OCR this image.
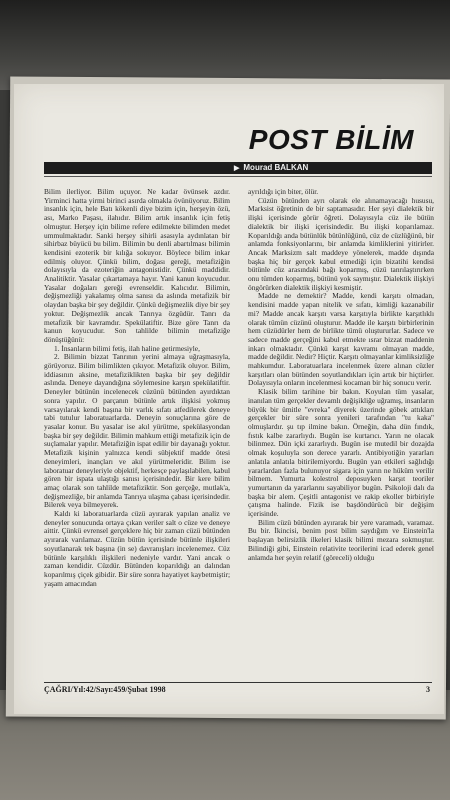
POST BİLİM
▶ Mourad BALKAN

Bilim ilerliyor. Bilim uçuyor. Ne kadar övünsek azdır. Yirminci hatta yirmi birinci asırda olmakla övünüyoruz. Bilim insanlık için, hele Batı kökenli diye bizim için, herşeyin özü, ası, Marko Paşası, ilahıdır. Bilim artık insanlık için fetiş olmuştur. Herşey için bilime refere edilmekte bilimden medet ummulmaktadır. Sanki herşey sihirli asasıyla aydınlatan bir sihirbaz büyücü bu bilim. Bilimin bu denli abartılması bilimin kendisini ezoterik bir kılığa sokuyor. Böylece bilim inkar edilmiş oluyor. Çünkü bilim, doğası gereği, metafiziğin dolayısıyla da ezoteriğin antagonistidir. Çünkü maddidir. Analitiktir. Yasalar çıkartamaya hayır. Yani kanun koyucudur. Yasalar doğaları gereği evrenseldir. Kalıcıdır. Bilimin, değişmezliği yakalamış olma sanısı da aslında metafizik bir olaydan başka bir şey değildir. Çünkü değişmezlik diye bir şey yoktur. Değişmezlik ancak Tanrıya özgüdür. Tanrı da metafizik bir kavramdır. Spekülatiftir. Bize göre Tanrı da kanun koyucudur. Son tahlilde bilimin metafiziğe dönüştüğünü:

1. İnsanların bilimi fetiş, ilah haline getirmesiyle,

2. Bilimin bizzat Tanrının yerini almaya uğraşmasıyla, görüyoruz. Bilim bilimlikten çıkıyor. Metafizik oluyor. Bilim, iddiasının aksine, metafiziklikten başka bir şey değildir aslında. Deneye dayandığına söylemesine karşın spekülatiftir. Deneyler bütünün incelenecek cüzünü bütünden ayırdıktan sonra yapılır. O parçanın bütünle artık ilişkisi yokmuş varsayılarak kendi başına bir varlık sıfatı atfedilerek deneye tabi tutulur laboratuarlarda. Deneyin sonuçlarına göre de yasalar konur. Bu yasalar ise akıl yürütme, spekülasyondan başka bir şey değildir. Bilimin mahkum ettiği metafizik için de suçlamalar yapılır. Metafiziğin ispat edilir bir dayanağı yoktur. Metafizik kişinin yalnızca kendi sübjektif madde ötesi deneyimleri, inançları ve akıl yürütmeleridir. Bilim ise laboratuar deneyleriyle objektif, herkesçe paylaşılabilen, kabul gören bir ispata ulaştığı sanısı içerisindedir. Bir kere bilim amaç olarak son tahlilde metafiziktir. Son gerçeğe, mutlak'a, değişmezliğe, bir anlamda Tanrıya ulaşma çabası içerisindedir. Bilerek veya bilmeyerek.

Kaldı ki laboratuarlarda cüzü ayırarak yapılan analiz ve deneyler sonucunda ortaya çıkan veriler salt o cüze ve deneye aittir. Çünkü evrensel gerçeklere hiç bir zaman cüzü bütünden ayırarak varılamaz. Cüzün bütün içerisinde bütünle ilişkileri soyutlanarak tek başına (in se) davranışları incelenemez. Cüz bütünle karşılıklı ilişkileri nedeniyle vardır. Yani ancak o zaman kendidir. Cüzdür. Bütünden koparıldığı an dalından koparılmış çiçek gibidir. Bir süre sonra hayatiyet kaybetmiştir; yaşam amacından

ayrıldığı için biter, ölür.

Cüzün bütünden ayrı olarak ele alınamayacağı hususu, Marksist öğretinin de bir saptamasıdır. Her şeyi dialektik bir ilişki içerisinde görür öğreti. Dolayısıyla cüz ile bütün dialektik bir ilişki içerisindedir. Bu ilişki koparılamaz. Koparıldığı anda bütünlük bütünlüğünü, cüz de cüzlüğünü, bir anlamda fonksiyonlarını, bir anlamda kimliklerini yitirirler. Ancak Marksizm salt maddeye yönelerek, madde dışında başka hiç bir gerçek kabul etmediği için bizatihi kendisi bütünle cüz arasındaki bağı koparmış, cüzü tanrılaştırırken onu tümden koparmış, bütünü yok saymıştır. Dialektik ilişkiyi öngörürken dialektik ilişkiyi kesmiştir.

Madde ne demektir? Madde, kendi karşıtı olmadan, kendisini madde yapan nitelik ve sıfatı, kimliği kazanabilir mi? Madde ancak karşıtı varsa karşıtıyla birlikte karşıtlıklı olarak tümün cüzünü oluşturur. Madde ile karşıtı birbirlerinin hem cüzüdürler hem de birlikte tümü oluştururlar. Sadece ve sadece madde gerçeğini kabul etmekte ısrar bizzat maddenin inkarı olmaktadır. Çünkü karşıt kavramı olmayan madde, madde değildir. Nedir? Hiçtir. Karşıtı olmayanlar kimliksizliğe mahkumdur. Laboratuarlara incelenmek üzere alınan cüzler karşıtları olan bütünden soyutlandıkları için artık bir hiçtirler. Dolayısıyla onların incelenmesi kocaman bir hiç sonucu verir.

Klasik bilim tarihine bir bakın. Koyulan tüm yasalar, inanılan tüm gerçekler devamlı değişikliğe uğramış, insanların büyük bir ümitle "evreka" diyerek üzerinde göbek attıkları gerçekler bir süre sonra yenileri tarafından "tu kaka" olmuşlardır. şu tıp ilmine bakın. Örneğin, daha dün fındık, fıstık kalbe zararlıydı. Bugün ise kurtarıcı. Yarın ne olacak bilinmez. Dün içki zararlıydı. Bugün ise mutedil bir dozajda olmak koşuluyla son derece yararlı. Antibiyotiğin yararları anlatıla anlatıla bitirilemiyordu. Bugün yan etkileri sağlıdığı yararlardan fazla bulunuyor sigara için yarın ne hüküm verilir bilmem. Yumurta kolestrol deposuyken karşıt teoriler yumurtanın da yararlarını sayabiliyor bugün. Psikoloji dalı da başka bir alem. Çeşitli antagonist ve rakip ekoller birbiriyle çatışma halinde. Fizik ise başdöndürücü bir değişim içerisinde.

Bilim cüzü bütünden ayırarak bir yere varamadı, varamaz. Bu bir. İkincisi, benim post bilim saydığım ve Einstein'la başlayan belirsizlik ilkeleri klasik bilimi mezara sokmuştur. Bilindiği gibi, Einstein relativite teorilerini icad ederek genel anlamda her şeyin relatif (göreceli) olduğu

ÇAĞRI/Yıl:42/Sayı:459/Şubat 1998	3
